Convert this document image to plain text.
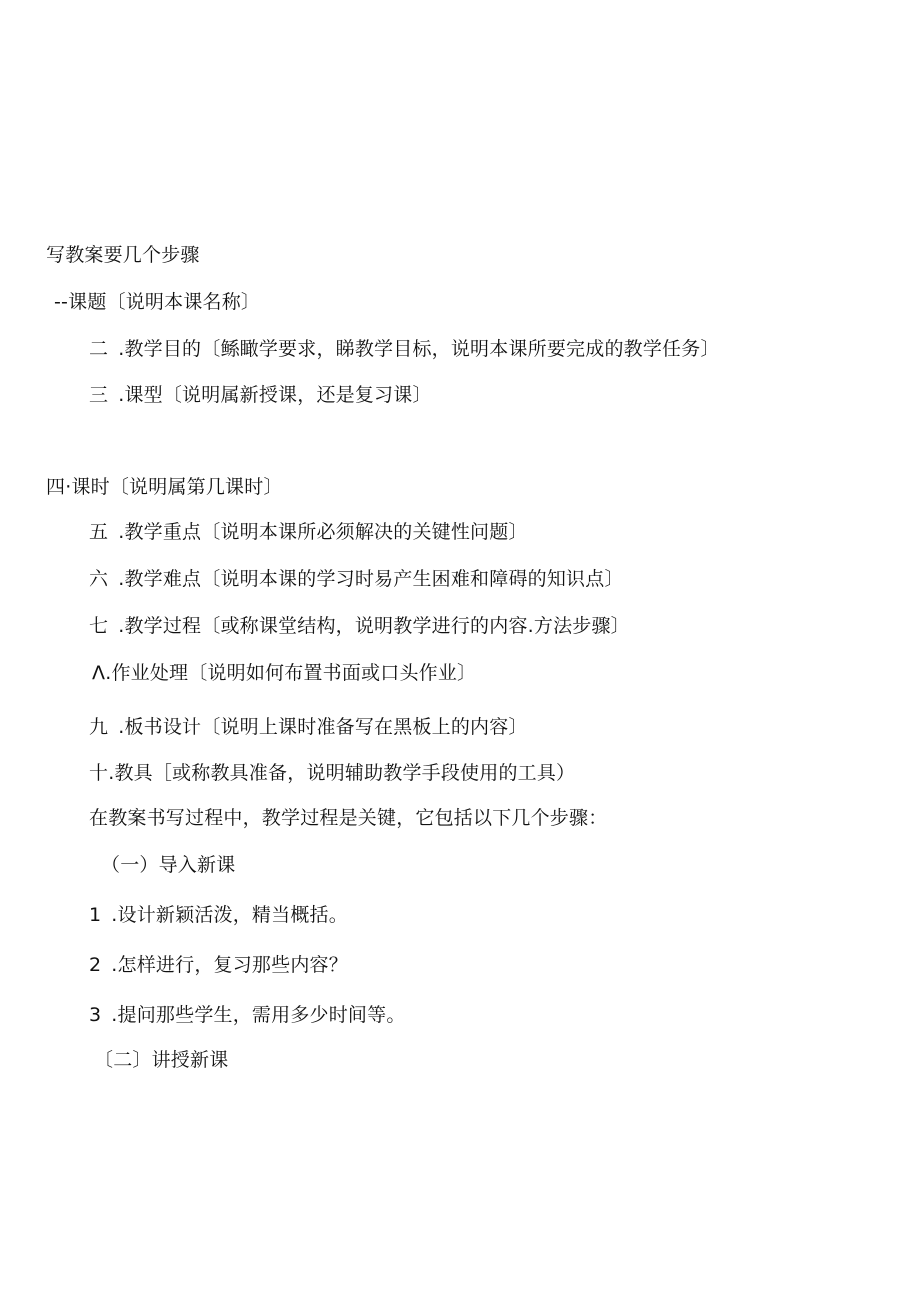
写教案要几个步骤
--课题〔说明本课名称〕
二 .教学目的〔鲧瞰学要求，睇教学目标，说明本课所要完成的教学任务〕
三 .课型〔说明属新授课，还是复习课〕
四·课时〔说明属第几课时〕
五 .教学重点〔说明本课所必须解决的关键性问题〕
六 .教学难点〔说明本课的学习时易产生困难和障碍的知识点〕
七 .教学过程〔或称课堂结构，说明教学进行的内容.方法步骤〕
Λ.作业处理〔说明如何布置书面或口头作业〕
九 .板书设计〔说明上课时准备写在黑板上的内容〕
十.教具［或称教具准备，说明辅助教学手段使用的工具）
在教案书写过程中，教学过程是关键，它包括以下几个步骤：
（一）导入新课
1 .设计新颖活泼，精当概括。
2 .怎样进行，复习那些内容？
3 .提问那些学生，需用多少时间等。
〔二〕讲授新课
